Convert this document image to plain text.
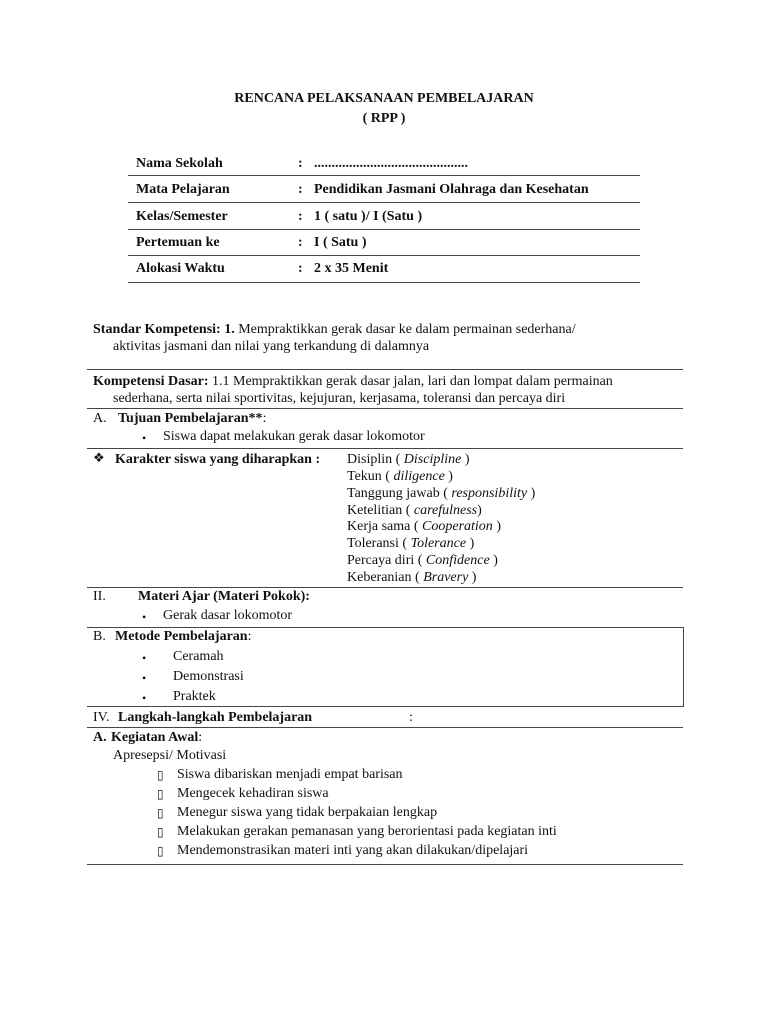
RENCANA PELAKSANAAN PEMBELAJARAN
( RPP )
Nama Sekolah	: ............................................
Mata Pelajaran	: Pendidikan Jasmani Olahraga dan Kesehatan
Kelas/Semester	: 1 ( satu )/ I (Satu )
Pertemuan ke	: I ( Satu )
Alokasi Waktu	: 2 x 35 Menit
Standar Kompetensi: 1. Mempraktikkan gerak dasar ke dalam permainan sederhana/
aktivitas jasmani dan nilai yang terkandung di dalamnya
Kompetensi Dasar: 1.1 Mempraktikkan gerak dasar jalan, lari dan lompat dalam permainan
sederhana, serta nilai sportivitas, kejujuran, kerjasama, toleransi dan percaya diri
A. Tujuan Pembelajaran**:
• Siswa dapat melakukan gerak dasar lokomotor
❖ Karakter siswa yang diharapkan : Disiplin ( Discipline )
Tekun ( diligence )
Tanggung jawab ( responsibility )
Ketelitian ( carefulness)
Kerja sama ( Cooperation )
Toleransi ( Tolerance )
Percaya diri ( Confidence )
Keberanian ( Bravery )
II. Materi Ajar (Materi Pokok):
• Gerak dasar lokomotor
B. Metode Pembelajaran:
• Ceramah
• Demonstrasi
• Praktek
IV. Langkah-langkah Pembelajaran	:
A. Kegiatan Awal:
Apresepsi/ Motivasi
▯ Siswa dibariskan menjadi empat barisan
▯ Mengecek kehadiran siswa
▯ Menegur siswa yang tidak berpakaian lengkap
▯ Melakukan gerakan pemanasan yang berorientasi pada kegiatan inti
▯ Mendemonstrasikan materi inti yang akan dilakukan/dipelajari
